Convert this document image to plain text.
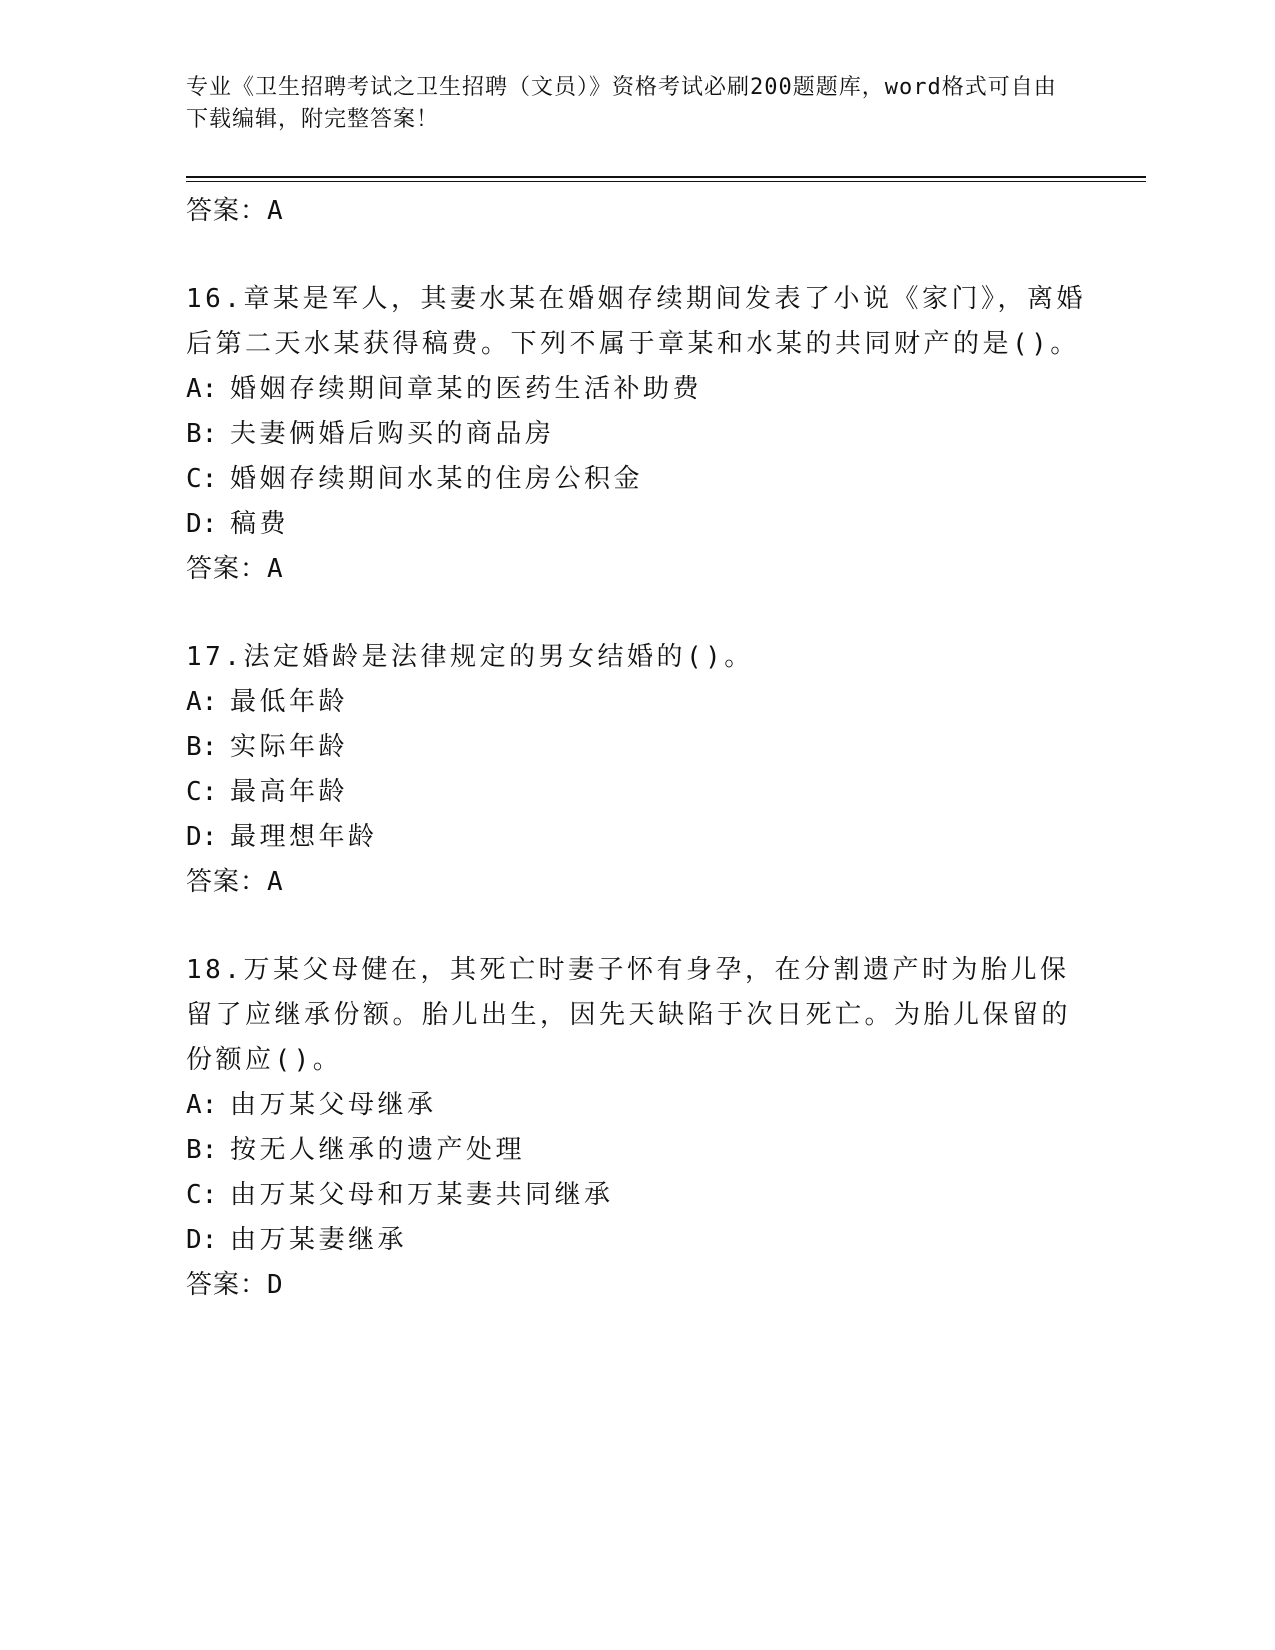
专业《卫生招聘考试之卫生招聘（文员）》资格考试必刷200题题库，word格式可自由下载编辑，附完整答案！
答案：A
16.章某是军人，其妻水某在婚姻存续期间发表了小说《家门》，离婚后第二天水某获得稿费。下列不属于章某和水某的共同财产的是()。
A: 婚姻存续期间章某的医药生活补助费
B: 夫妻俩婚后购买的商品房
C: 婚姻存续期间水某的住房公积金
D: 稿费
答案：A
17.法定婚龄是法律规定的男女结婚的()。
A: 最低年龄
B: 实际年龄
C: 最高年龄
D: 最理想年龄
答案：A
18.万某父母健在，其死亡时妻子怀有身孕，在分割遗产时为胎儿保留了应继承份额。胎儿出生，因先天缺陷于次日死亡。为胎儿保留的份额应()。
A: 由万某父母继承
B: 按无人继承的遗产处理
C: 由万某父母和万某妻共同继承
D: 由万某妻继承
答案：D
